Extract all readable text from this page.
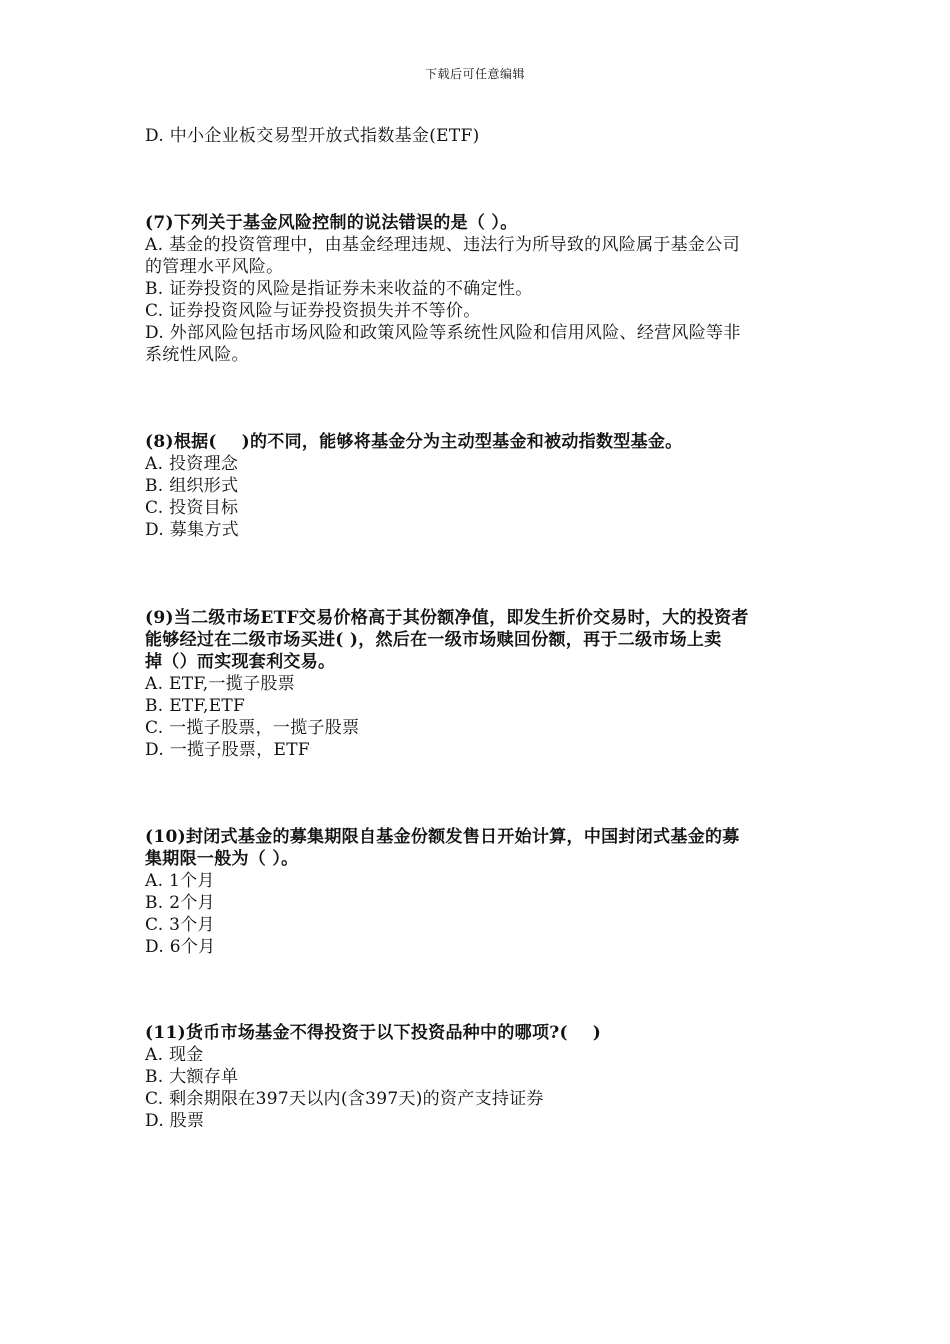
下载后可任意编辑

D. 中小企业板交易型开放式指数基金(ETF)

(7)下列关于基金风险控制的说法错误的是（ ）。

A. 基金的投资管理中，由基金经理违规、违法行为所导致的风险属于基金公司

的管理水平风险。

B. 证券投资的风险是指证券未来收益的不确定性。

C. 证券投资风险与证券投资损失并不等价。

D. 外部风险包括市场风险和政策风险等系统性风险和信用风险、经营风险等非

系统性风险。

(8)根据(    )的不同，能够将基金分为主动型基金和被动指数型基金。

A. 投资理念

B. 组织形式

C. 投资目标

D. 募集方式

(9)当二级市场ETF交易价格高于其份额净值，即发生折价交易时，大的投资者

能够经过在二级市场买进( )，然后在一级市场赎回份额，再于二级市场上卖

掉（）而实现套利交易。

A. ETF,一揽子股票

B. ETF,ETF

C. 一揽子股票，一揽子股票

D. 一揽子股票，ETF

(10)封闭式基金的募集期限自基金份额发售日开始计算，中国封闭式基金的募

集期限一般为（ ）。

A. 1个月

B. 2个月

C. 3个月

D. 6个月

(11)货币市场基金不得投资于以下投资品种中的哪项?(    )

A. 现金

B. 大额存单

C. 剩余期限在397天以内(含397天)的资产支持证券

D. 股票
